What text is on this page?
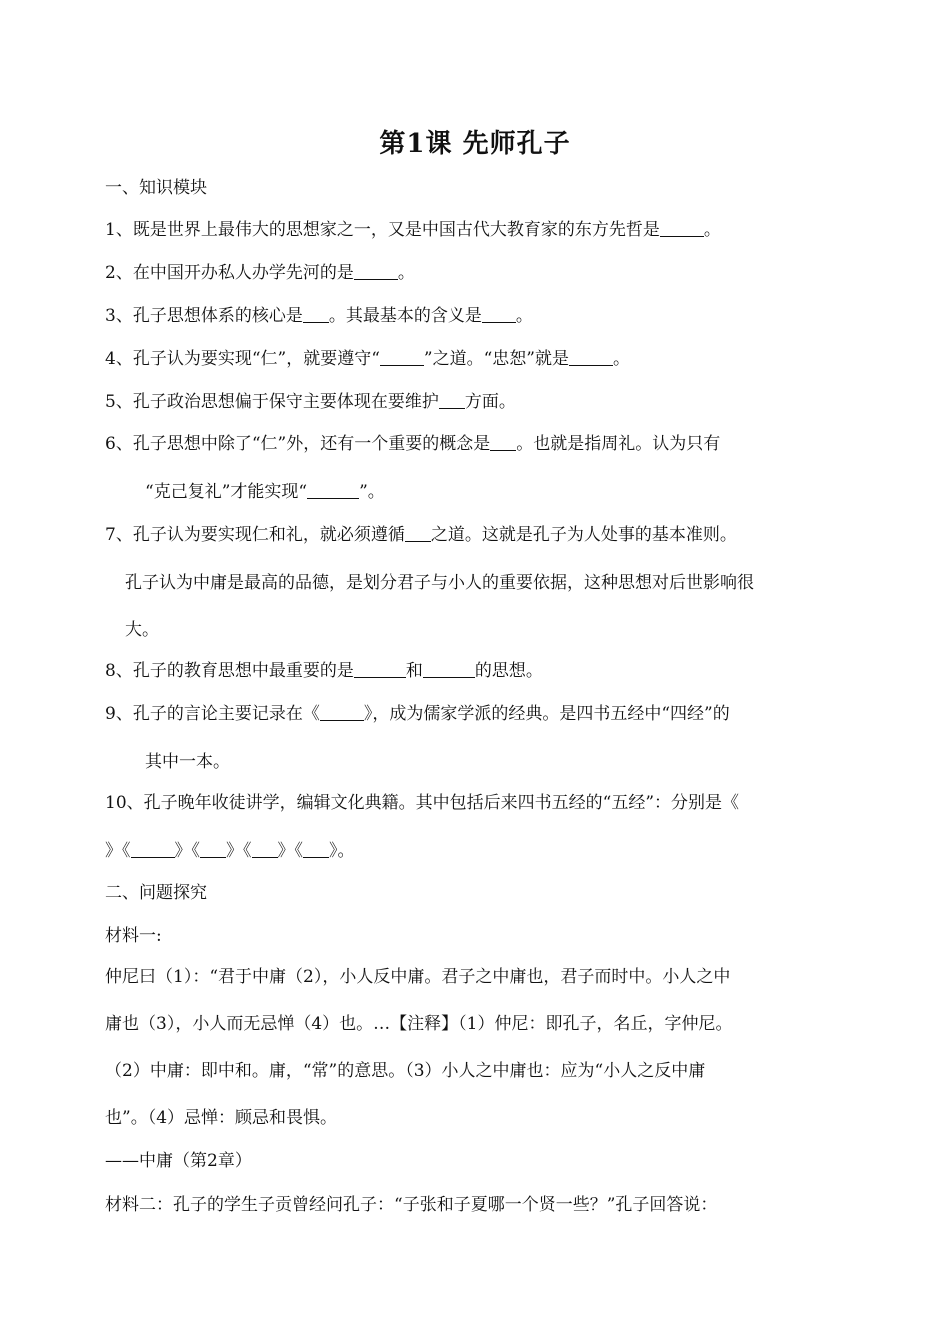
第1课 先师孔子
一、知识模块
1、既是世界上最伟大的思想家之一，又是中国古代大教育家的东方先哲是	。
2、在中国开办私人办学先河的是	。
3、孔子思想体系的核心是 。其最基本的含义是 。
4、孔子认为要实现“仁”，就要遵守“	”之道。“忠恕”就是	。
5、孔子政治思想偏于保守主要体现在要维护 方面。
6、孔子思想中除了“仁”外，还有一个重要的概念是 。也就是指周礼。认为只有
“克己复礼”才能实现“	”。
7、孔子认为要实现仁和礼，就必须遵循 之道。这就是孔子为人处事的基本准则。
孔子认为中庸是最高的品德，是划分君子与小人的重要依据，这种思想对后世影响很
大。
8、孔子的教育思想中最重要的是	和	的思想。
9、孔子的言论主要记录在《	》，成为儒家学派的经典。是四书五经中“四经”的
其中一本。
10、孔子晚年收徒讲学，编辑文化典籍。其中包括后来四书五经的“五经”：分别是《
》《	》《 》《 》《 》。
二、问题探究
材料一:
仲尼曰（1）：“君于中庸（2），小人反中庸。君子之中庸也，君子而时中。小人之中
庸也（3），小人而无忌惮（4）也。…【注释】（1）仲尼：即孔子，名丘，字仲尼。
（2）中庸：即中和。庸，“常”的意思。（3）小人之中庸也：应为“小人之反中庸
也”。（4）忌惮：顾忌和畏惧。
——中庸（第2章）
材料二：孔子的学生子贡曾经问孔子：“子张和子夏哪一个贤一些？”孔子回答说：
